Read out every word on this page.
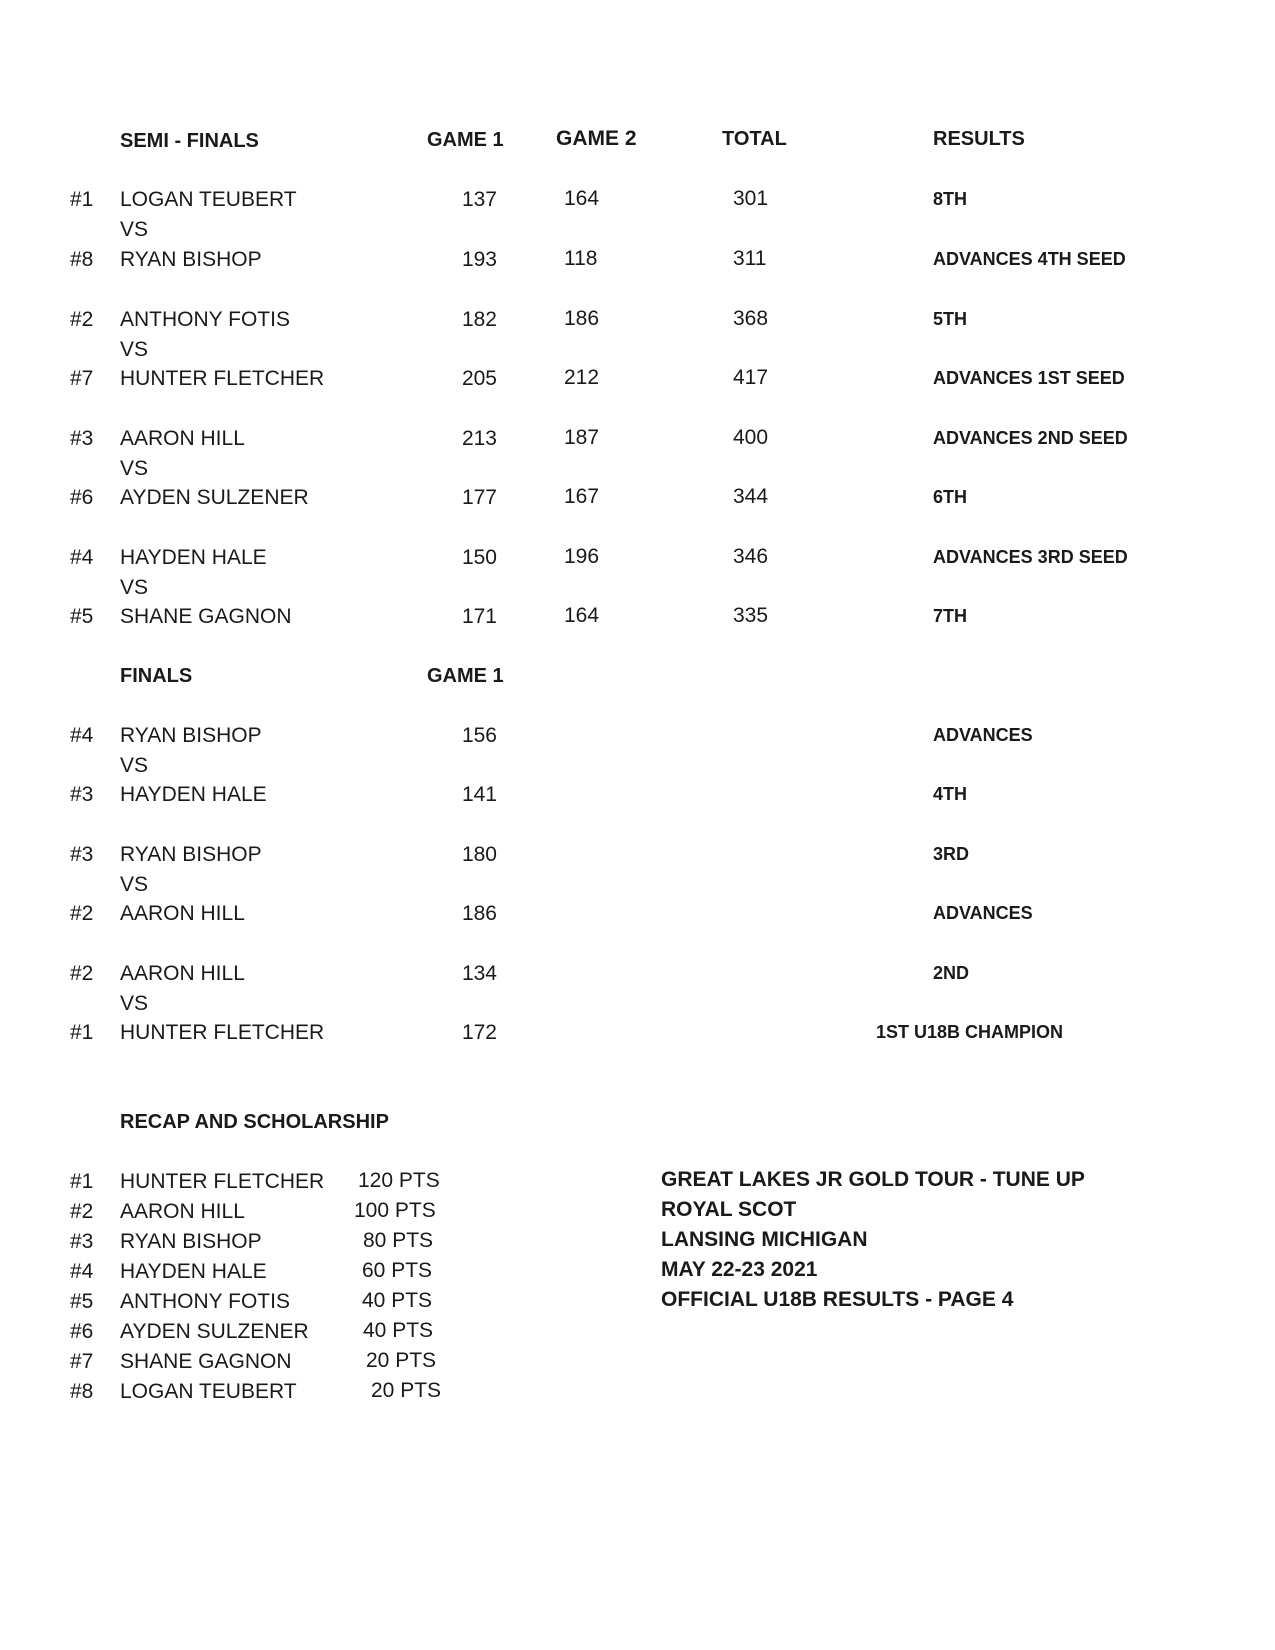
SEMI - FINALS	GAME 1 GAME 2	TOTAL	RESULTS
#1 LOGAN TEUBERT	137	164	301	8TH
VS
#8 RYAN BISHOP	193	118	311	ADVANCES 4TH SEED
#2 ANTHONY FOTIS	182	186	368	5TH
VS
#7 HUNTER FLETCHER	205	212	417	ADVANCES 1ST SEED
#3 AARON HILL	213	187	400	ADVANCES 2ND SEED
VS
#6 AYDEN SULZENER	177	167	344	6TH
#4 HAYDEN HALE	150	196	346	ADVANCES 3RD SEED
VS
#5 SHANE GAGNON	171	164	335	7TH
FINALS	GAME 1
#4 RYAN BISHOP	156	ADVANCES
VS
#3 HAYDEN HALE	141	4TH
#3 RYAN BISHOP	180	3RD
VS
#2 AARON HILL	186	ADVANCES
#2 AARON HILL	134	2ND
VS
#1 HUNTER FLETCHER	172	1ST U18B CHAMPION
RECAP AND SCHOLARSHIP
#1 HUNTER FLETCHER 120 PTS
#2 AARON HILL	100 PTS
#3 RYAN BISHOP	80 PTS
#4 HAYDEN HALE	60 PTS
#5 ANTHONY FOTIS	40 PTS
#6 AYDEN SULZENER	40 PTS
#7 SHANE GAGNON	20 PTS
#8 LOGAN TEUBERT	20 PTS
GREAT LAKES JR GOLD TOUR - TUNE UP
ROYAL SCOT
LANSING MICHIGAN
MAY 22-23 2021
OFFICIAL U18B RESULTS - PAGE 4
